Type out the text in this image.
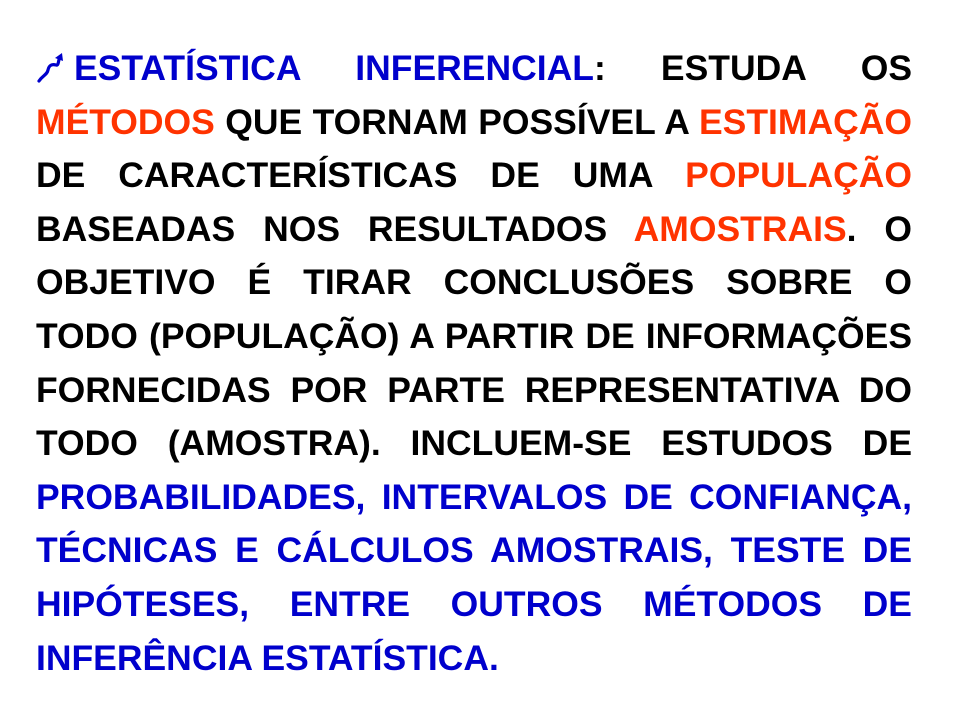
ESTATÍSTICA INFERENCIAL: ESTUDA OS MÉTODOS QUE TORNAM POSSÍVEL A ESTIMAÇÃO DE CARACTERÍSTICAS DE UMA POPULAÇÃO BASEADAS NOS RESULTADOS AMOSTRAIS. O OBJETIVO É TIRAR CONCLUSÕES SOBRE O TODO (POPULAÇÃO) A PARTIR DE INFORMAÇÕES FORNECIDAS POR PARTE REPRESENTATIVA DO TODO (AMOSTRA). INCLUEM-SE ESTUDOS DE PROBABILIDADES, INTERVALOS DE CONFIANÇA, TÉCNICAS E CÁLCULOS AMOSTRAIS, TESTE DE HIPÓTESES, ENTRE OUTROS MÉTODOS DE INFERÊNCIA ESTATÍSTICA.
